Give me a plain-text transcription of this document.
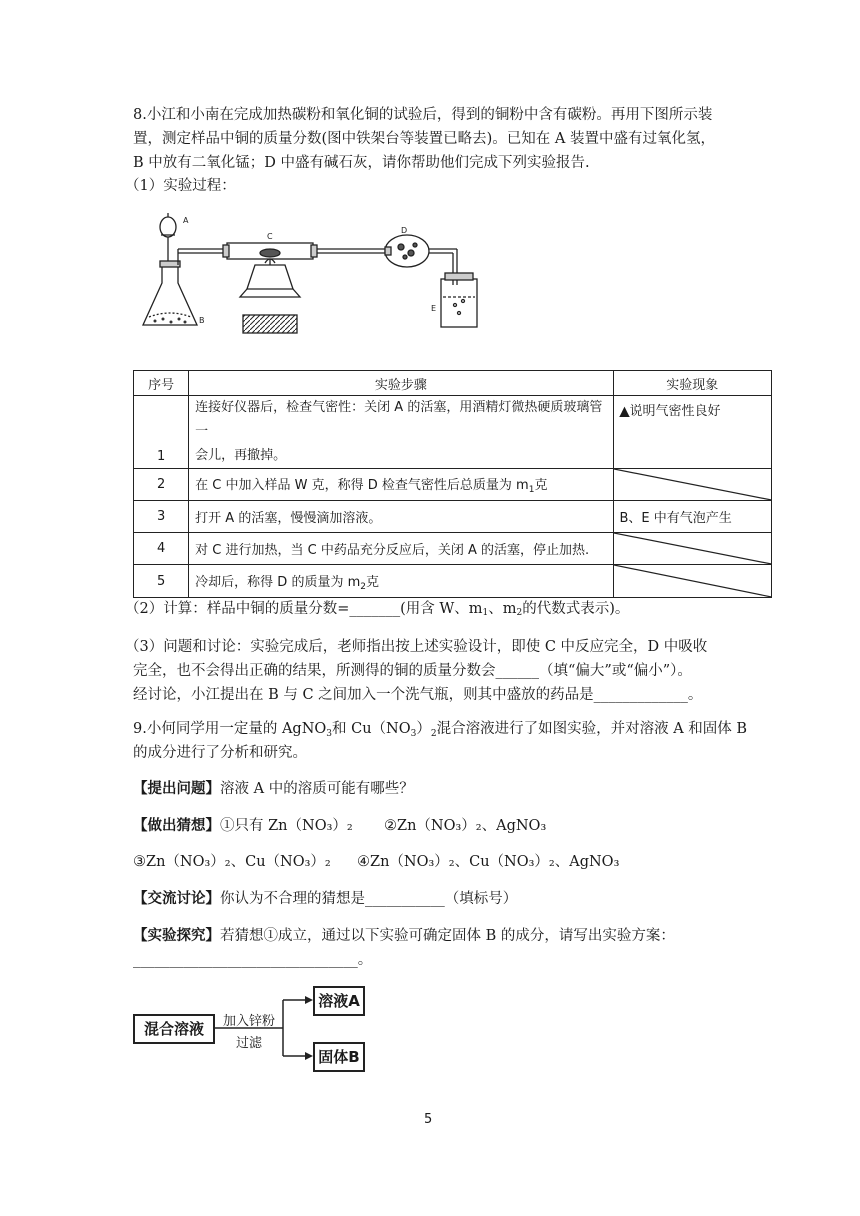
8.小江和小南在完成加热碳粉和氧化铜的试验后，得到的铜粉中含有碳粉。再用下图所示装
置，测定样品中铜的质量分数(图中铁架台等装置已略去)。已知在 A 装置中盛有过氧化氢，
B 中放有二氧化锰；D 中盛有碱石灰，请你帮助他们完成下列实验报告.
（1）实验过程：
A
B
C
D
E
序号	实验步骤	实验现象
1	连接好仪器后，检查气密性：关闭 A 的活塞，用酒精灯微热硬质玻璃管一
会儿，再撤掉。	▲说明气密性良好
2	在 C 中加入样品 W 克，称得 D 检查气密性后总质量为 $m_1$克	

3	打开 A 的活塞，慢慢滴加溶液。	B、E 中有气泡产生
4	对 C 进行加热，当 C 中药品充分反应后，关闭 A 的活塞，停止加热.	

5	冷却后，称得 D 的质量为 $m_2$克	
（2）计算：样品中铜的质量分数=_______(用含 W、$m_1$、$m_2$的代数式表示)。
（3）问题和讨论：实验完成后，老师指出按上述实验设计，即使 C 中反应完全，D 中吸收
完全，也不会得出正确的结果，所测得的铜的质量分数会______（填“偏大”或“偏小”）。
经讨论，小江提出在 B 与 C 之间加入一个洗气瓶，则其中盛放的药品是_____________。
9.小何同学用一定量的 AgNO$_3$和 $Cu(NO_3)_2$混合溶液进行了如图实验，并对溶液 A 和固体 B
的成分进行了分析和研究。
【提出问题】溶液 A 中的溶质可能有哪些？
【做出猜想】①只有 Zn（NO₃）₂ ②Zn（NO₃）₂、AgNO₃
③Zn（NO₃）₂、Cu（NO₃）₂ ④Zn（NO₃）₂、Cu（NO₃）₂、AgNO₃
【交流讨论】你认为不合理的猜想是___________（填标号）
【实验探究】若猜想①成立，通过以下实验可确定固体 B 的成分，请写出实验方案：
_______________________________。
混合溶液	加入锌粉
过滤
溶液A
固体B
5
